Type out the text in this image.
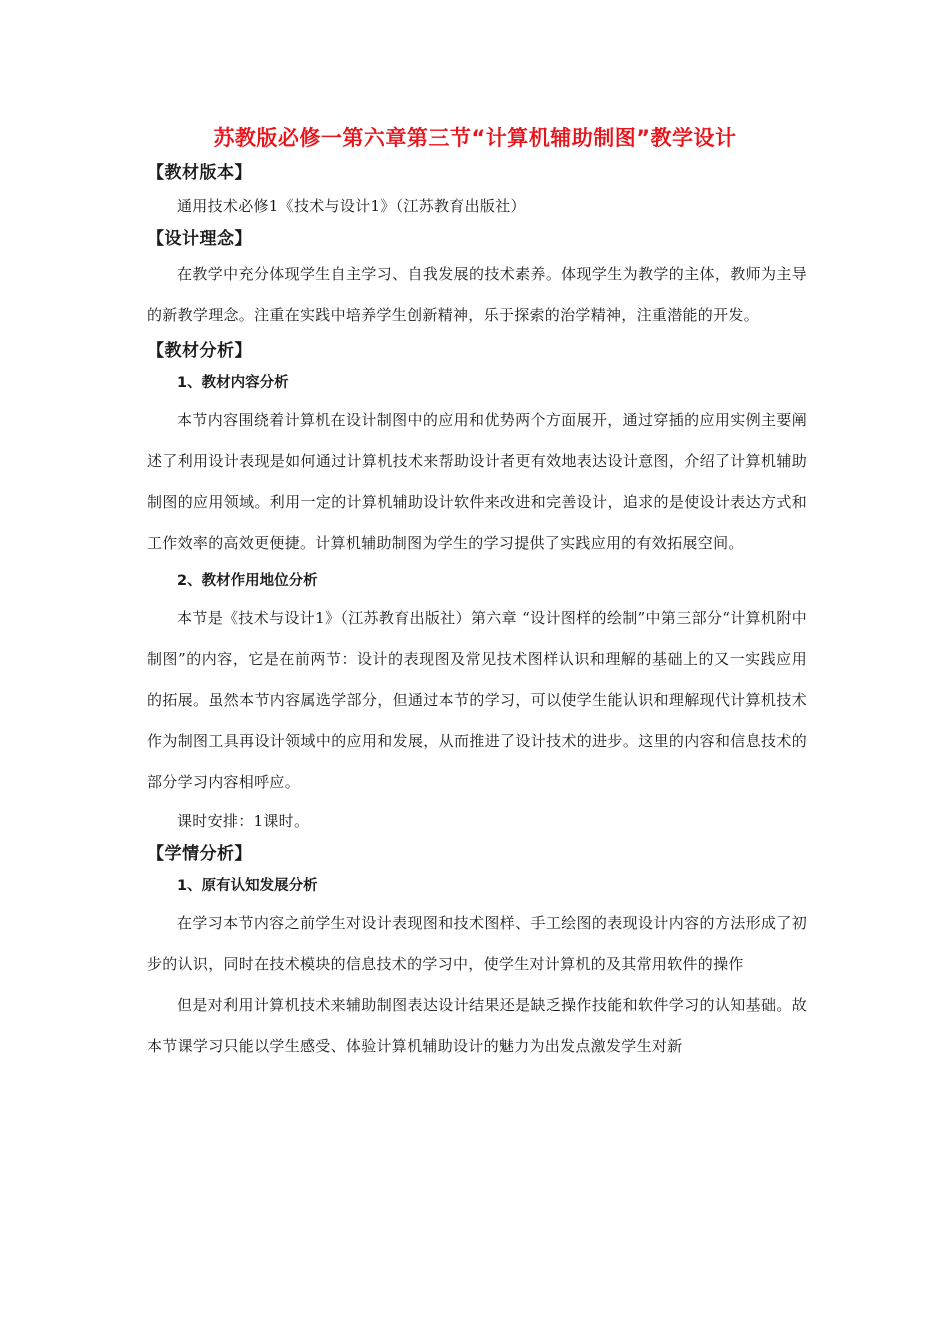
苏教版必修一第六章第三节“计算机辅助制图”教学设计

【教材版本】

通用技术必修1《技术与设计1》（江苏教育出版社）

【设计理念】

在教学中充分体现学生自主学习、自我发展的技术素养。体现学生为教学的主体，教师为主导的新教学理念。注重在实践中培养学生创新精神，乐于探索的治学精神，注重潜能的开发。

【教材分析】

1、教材内容分析

本节内容围绕着计算机在设计制图中的应用和优势两个方面展开，通过穿插的应用实例主要阐述了利用设计表现是如何通过计算机技术来帮助设计者更有效地表达设计意图，介绍了计算机辅助制图的应用领域。利用一定的计算机辅助设计软件来改进和完善设计，追求的是使设计表达方式和工作效率的高效更便捷。计算机辅助制图为学生的学习提供了实践应用的有效拓展空间。

2、教材作用地位分析

本节是《技术与设计1》（江苏教育出版社）第六章 “设计图样的绘制”中第三部分“计算机附中制图”的内容，它是在前两节：设计的表现图及常见技术图样认识和理解的基础上的又一实践应用的拓展。虽然本节内容属选学部分，但通过本节的学习，可以使学生能认识和理解现代计算机技术作为制图工具再设计领域中的应用和发展，从而推进了设计技术的进步。这里的内容和信息技术的部分学习内容相呼应。

课时安排：1课时。

【学情分析】

1、原有认知发展分析

在学习本节内容之前学生对设计表现图和技术图样、手工绘图的表现设计内容的方法形成了初步的认识，同时在技术模块的信息技术的学习中，使学生对计算机的及其常用软件的操作

但是对利用计算机技术来辅助制图表达设计结果还是缺乏操作技能和软件学习的认知基础。故本节课学习只能以学生感受、体验计算机辅助设计的魅力为出发点激发学生对新
